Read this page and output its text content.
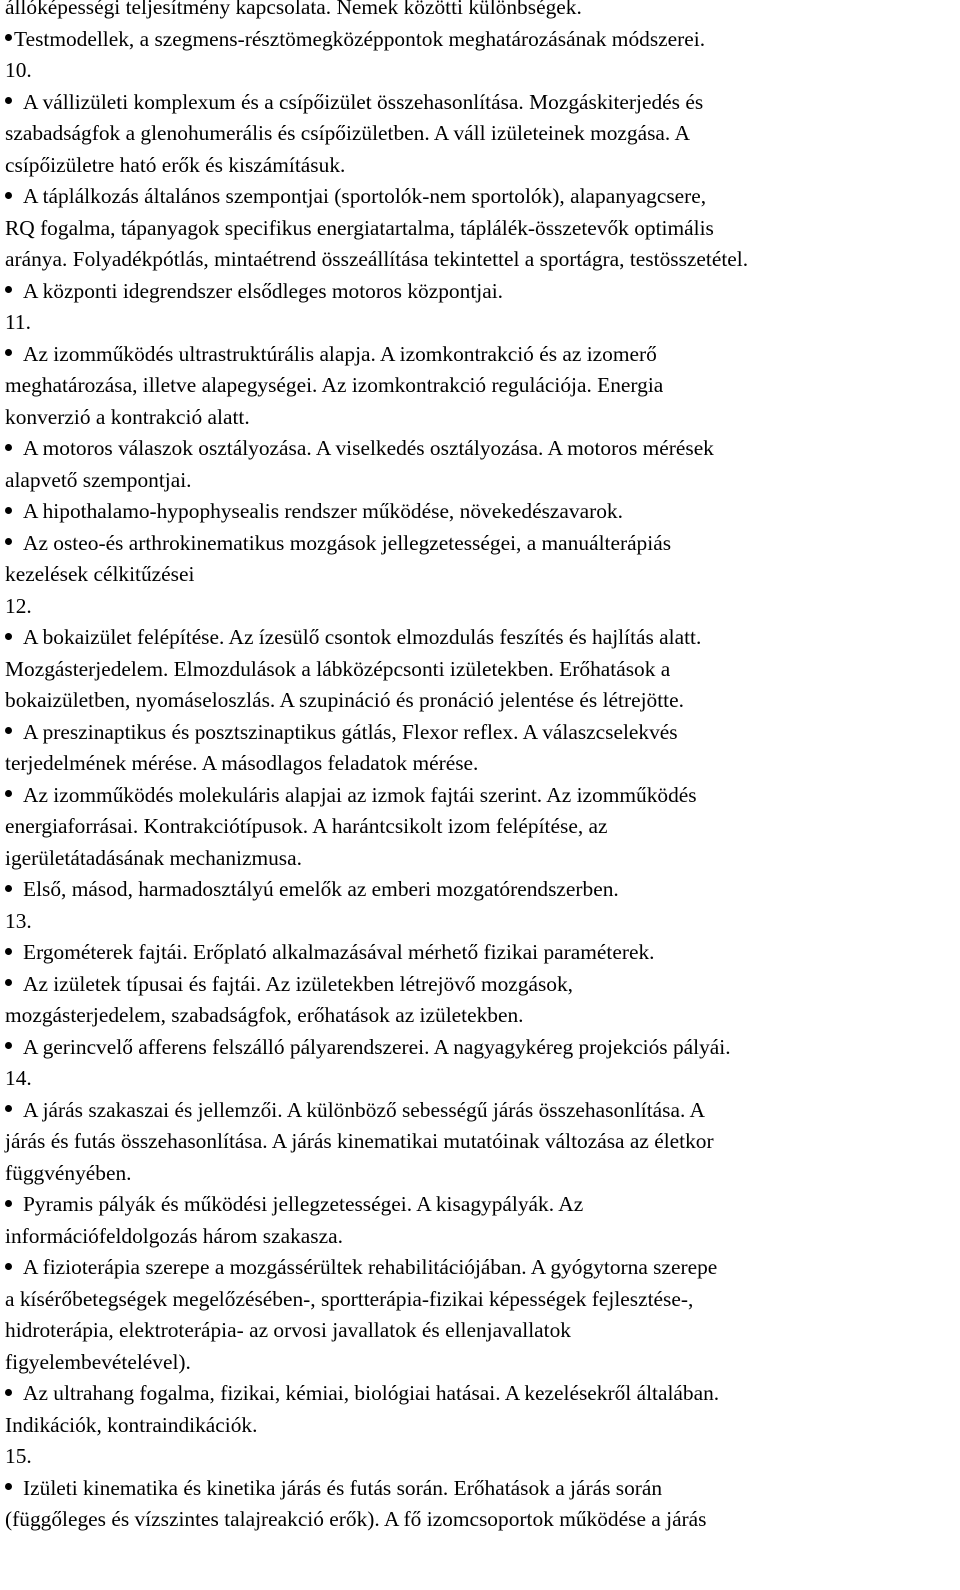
állóképességi teljesítmény kapcsolata. Nemek közötti különbségek.
Testmodellek, a szegmens-résztömegközéppontok meghatározásának módszerei.
10.
A vállizületi komplexum és a csípőizület összehasonlítása. Mozgáskiterjedés és
szabadságfok a glenohumerális és csípőizületben. A váll izületeinek mozgása. A
csípőizületre ható erők és kiszámításuk.
A táplálkozás általános szempontjai (sportolók-nem sportolók), alapanyagcsere,
RQ fogalma, tápanyagok specifikus energiatartalma, táplálék-összetevők optimális
aránya. Folyadékpótlás, mintaétrend összeállítása tekintettel a sportágra, testösszetétel.
A központi idegrendszer elsődleges motoros központjai.
11.
Az izomműködés ultrastruktúrális alapja. A izomkontrakció és az izomerő
meghatározása, illetve alapegységei. Az izomkontrakció regulációja. Energia
konverzió a kontrakció alatt.
A motoros válaszok osztályozása. A viselkedés osztályozása. A motoros mérések
alapvető szempontjai.
A hipothalamo-hypophysealis rendszer működése, növekedészavarok.
Az osteo-és arthrokinematikus mozgások jellegzetességei, a manuálterápiás
kezelések célkitűzései
12.
A bokaizület felépítése. Az ízesülő csontok elmozdulás feszítés és hajlítás alatt.
Mozgásterjedelem. Elmozdulások a lábközépcsonti izületekben. Erőhatások a
bokaizületben, nyomáseloszlás. A szupináció és pronáció jelentése és létrejötte.
A preszinaptikus és posztszinaptikus gátlás, Flexor reflex. A válaszcselekvés
terjedelmének mérése. A másodlagos feladatok mérése.
Az izomműködés molekuláris alapjai az izmok fajtái szerint. Az izomműködés
energiaforrásai. Kontrakciótípusok. A harántcsikolt izom felépítése, az
igerületátadásának mechanizmusa.
Első, másod, harmadosztályú emelők az emberi mozgatórendszerben.
13.
Ergométerek fajtái. Erőplató alkalmazásával mérhető fizikai paraméterek.
Az izületek típusai és fajtái. Az izületekben létrejövő mozgások,
mozgásterjedelem, szabadságfok, erőhatások az izületekben.
A gerincvelő afferens felszálló pályarendszerei. A nagyagykéreg projekciós pályái.
14.
A járás szakaszai és jellemzői. A különböző sebességű járás összehasonlítása. A
járás és futás összehasonlítása. A járás kinematikai mutatóinak változása az életkor
függvényében.
Pyramis pályák és működési jellegzetességei. A kisagypályák. Az
információfeldolgozás három szakasza.
A fizioterápia szerepe a mozgássérültek rehabilitációjában. A gyógytorna szerepe
a kísérőbetegségek megelőzésében-, sportterápia-fizikai képességek fejlesztése-,
hidroterápia, elektroterápia- az orvosi javallatok és ellenjavallatok
figyelembevételével).
Az ultrahang fogalma, fizikai, kémiai, biológiai hatásai. A kezelésekről általában.
Indikációk, kontraindikációk.
15.
Izületi kinematika és kinetika járás és futás során. Erőhatások a járás során
(függőleges és vízszintes talajreakció erők). A fő izomcsoportok működése a járás
